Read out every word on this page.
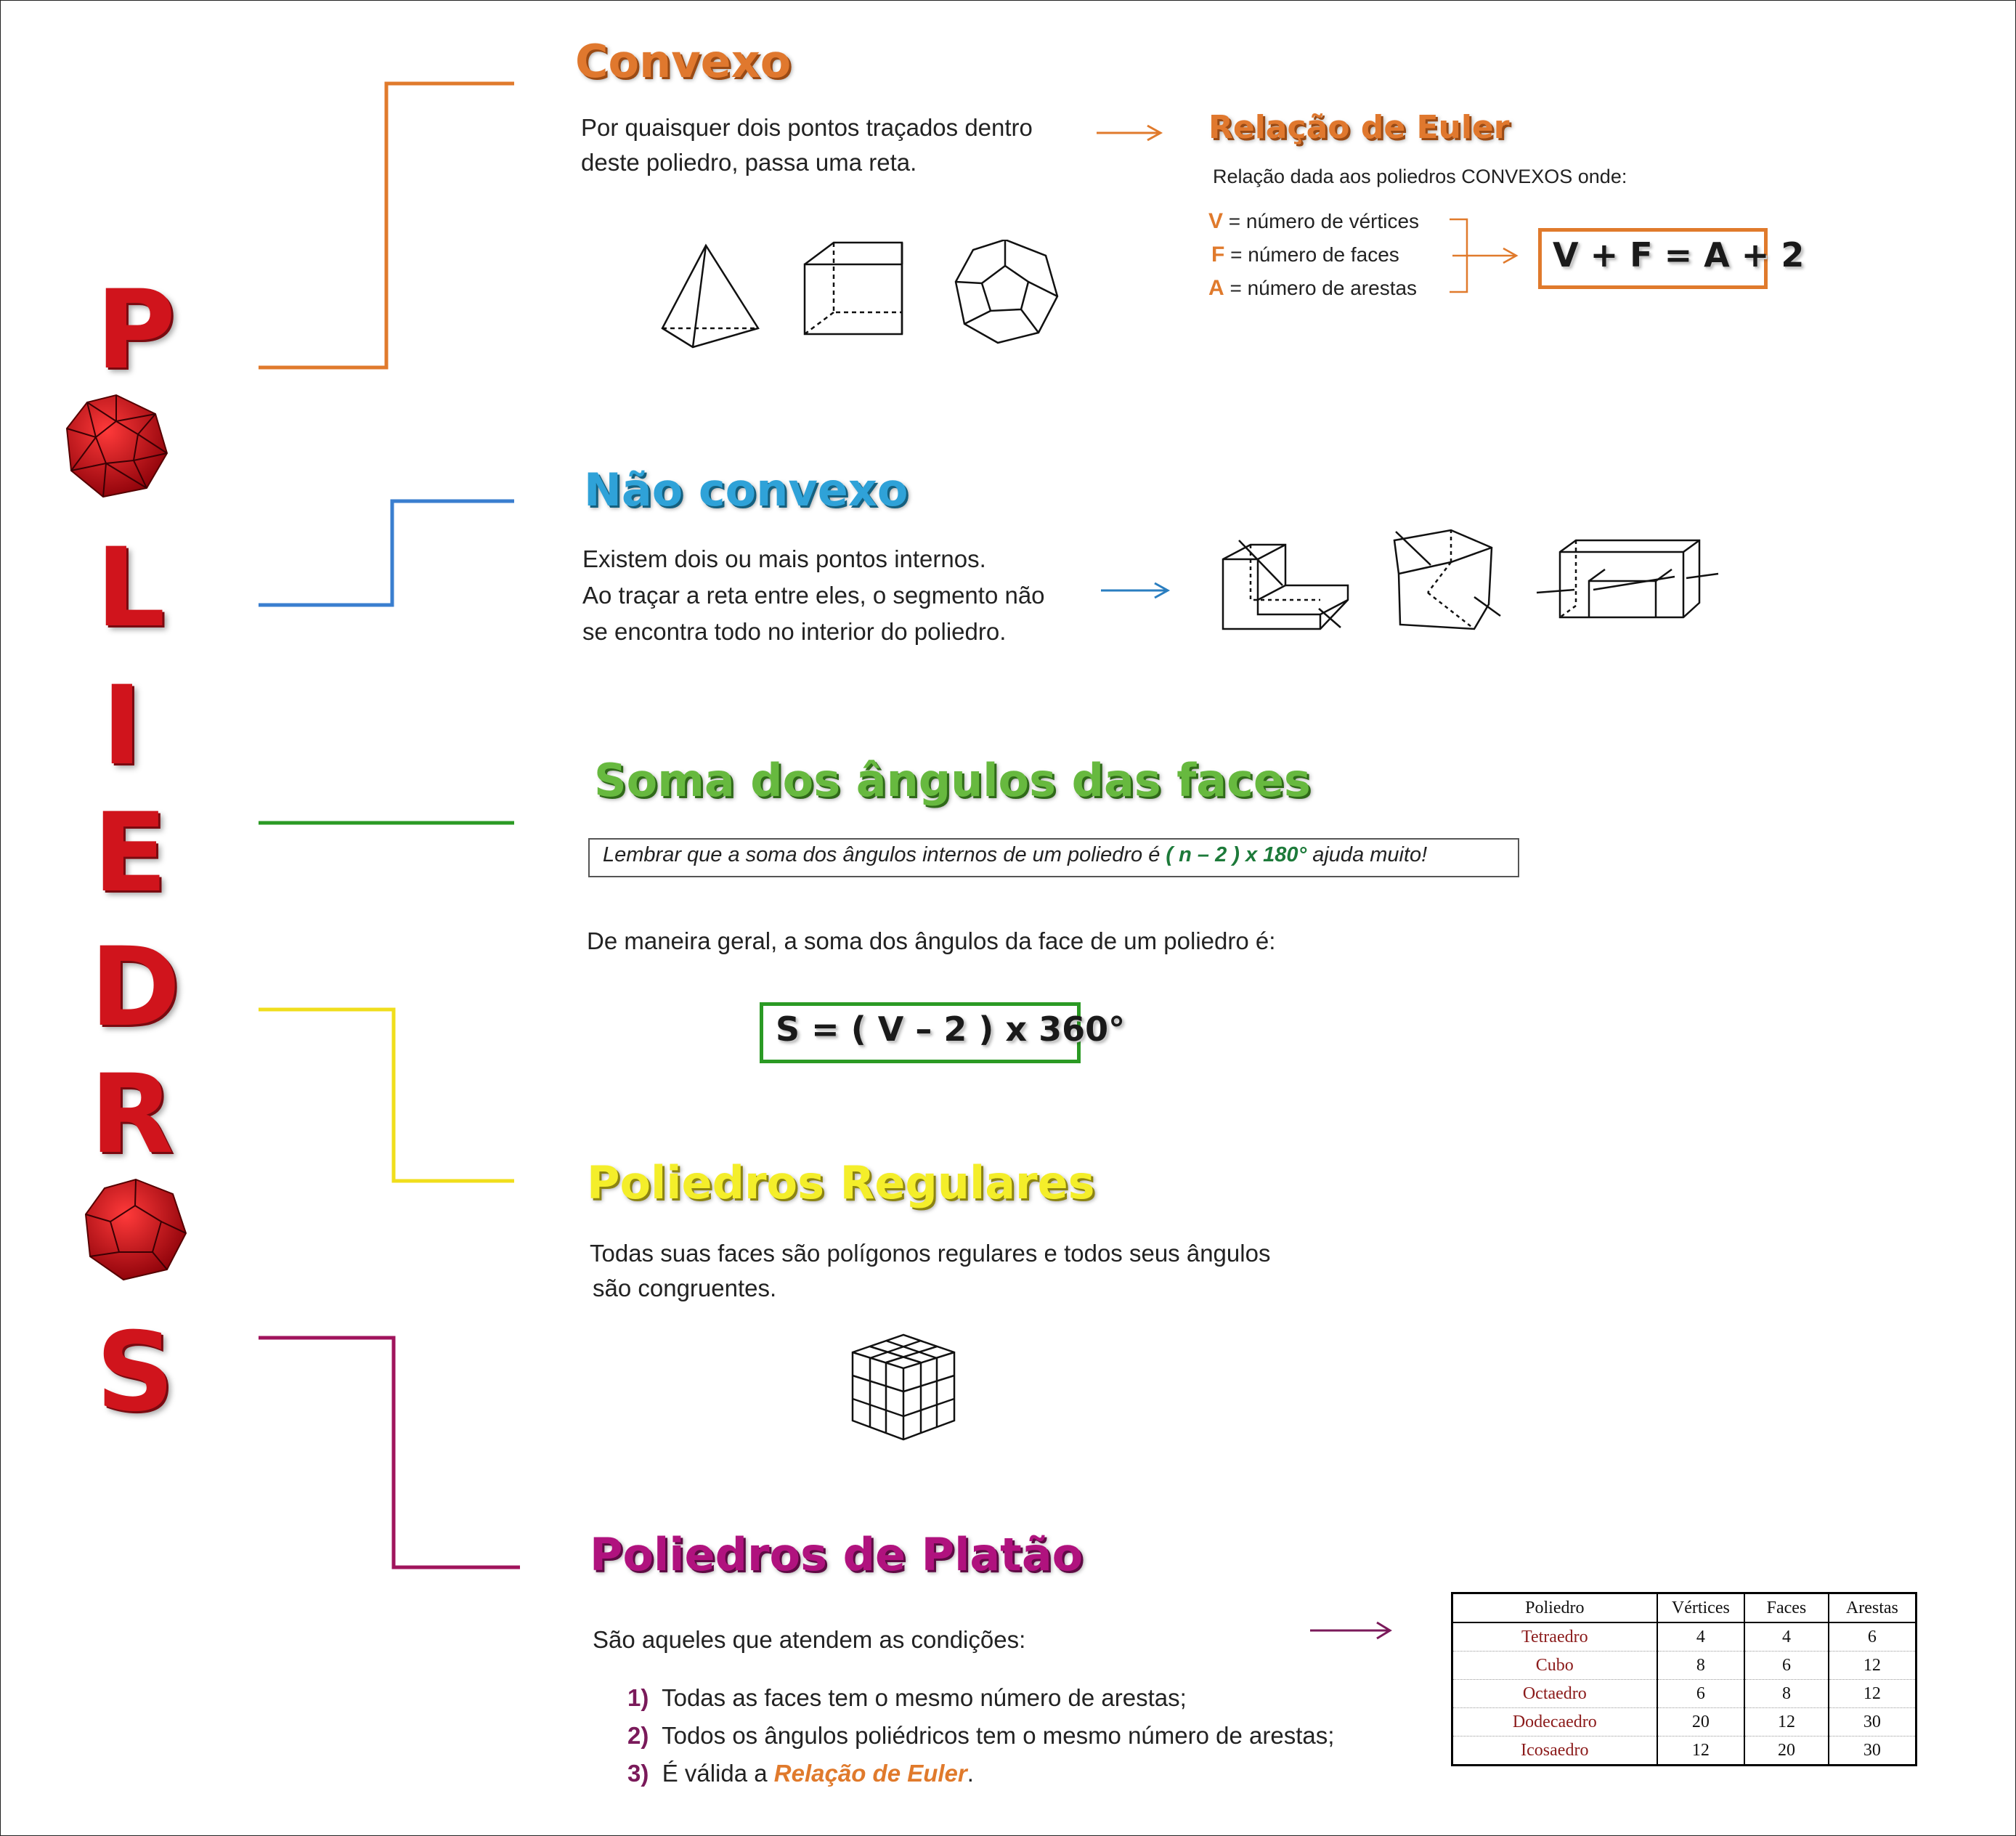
P
L
I
E
D
R
S
Convexo
Por quaisquer dois pontos traçados dentro
deste poliedro, passa uma reta.
Relação de Euler
Relação dada aos poliedros CONVEXOS onde:
V = número de vértices
F = número de faces
A = número de arestas
V + F = A + 2
Não convexo
Existem dois ou mais pontos internos.
Ao traçar a reta entre eles, o segmento não
se encontra todo no interior do poliedro.
Soma dos ângulos das faces
Lembrar que a soma dos ângulos internos de um poliedro é ( n – 2 ) x 180° ajuda muito!
De maneira geral, a soma dos ângulos da face de um poliedro é:
S = ( V – 2 ) x 360°
Poliedros Regulares
Todas suas faces são polígonos regulares e todos seus ângulos
são congruentes.
Poliedros de Platão
São aqueles que atendem as condições:
1) Todas as faces tem o mesmo número de arestas;
2) Todos os ângulos poliédricos tem o mesmo número de arestas;
3) É válida a Relação de Euler.
Poliedro	Vértices	Faces	Arestas
Tetraedro	4	4	6
Cubo	8	6	12
Octaedro	6	8	12
Dodecaedro	20	12	30
Icosaedro	12	20	30
